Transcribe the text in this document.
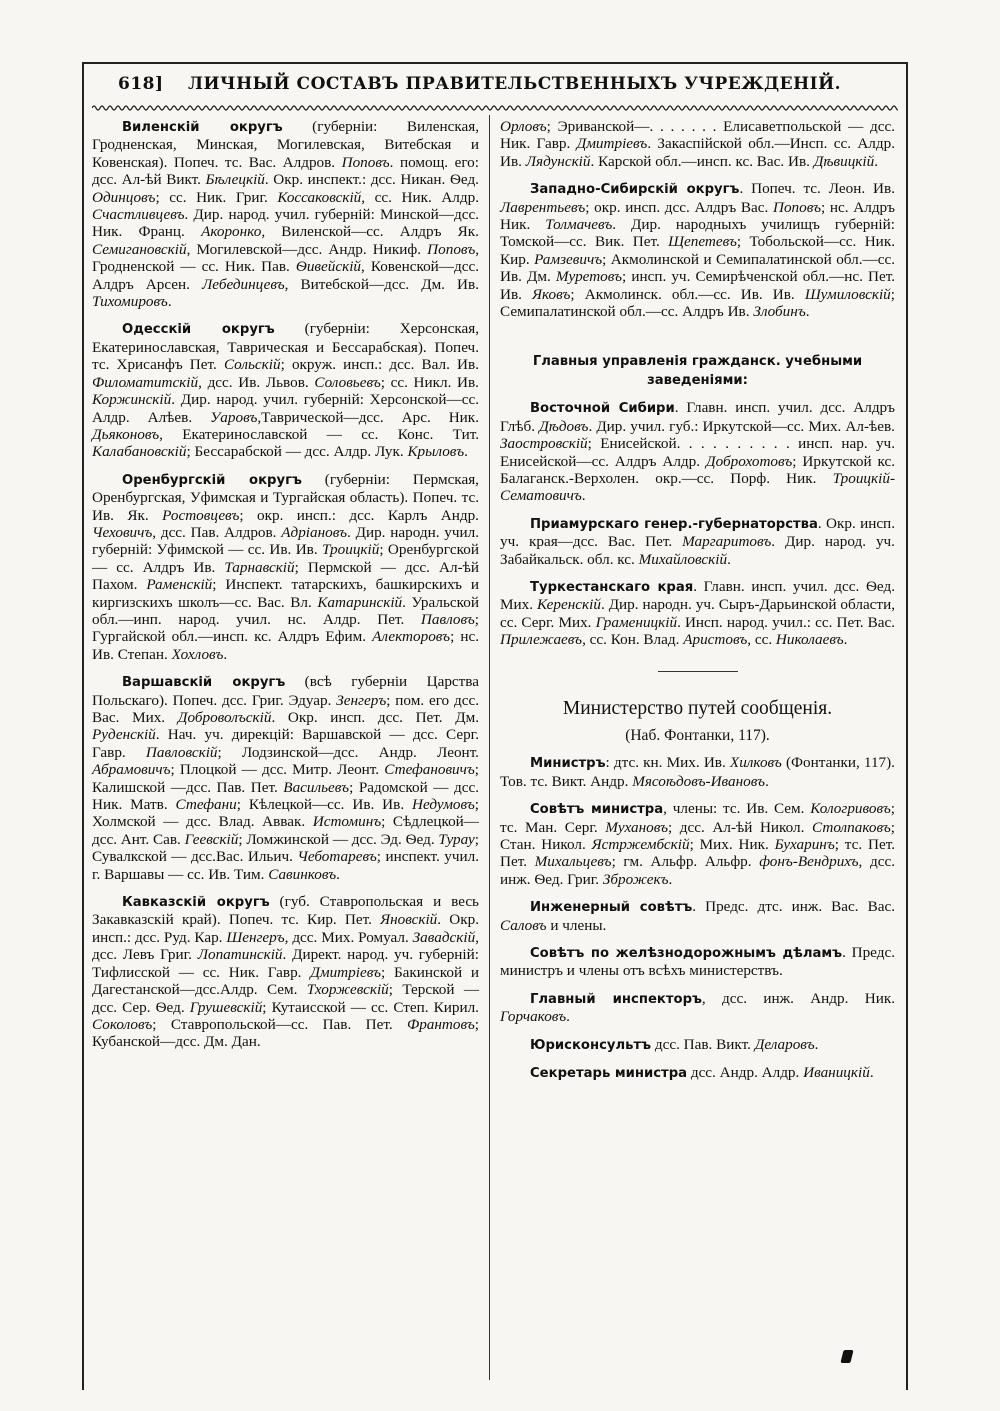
618] ЛИЧНЫЙ СОСТАВЪ ПРАВИТЕЛЬСТВЕННЫХЪ УЧРЕЖДЕНІЙ.

Виленскій округъ (губерніи: Виленская, Гродненская, Минская, Могилевская, Витебская и Ковенская). Попеч. тс. Вас. Алдров. Поповъ. помощ. его: дсс. Ал-ѣй Викт. Бѣлецкій. Окр. инспект.: дсс. Никан. Ѳед. Одинцовъ; сс. Ник. Григ. Коссаковскій, сс. Ник. Алдр. Счастливцевъ. Дир. народ. учил. губерній: Минской—дсс. Ник. Франц. Акоронко, Виленской—сс. Алдръ Як. Семигановскій, Могилевской—дсс. Андр. Никиф. Поповъ, Гродненской — сс. Ник. Пав. Ѳивейскій, Ковенской—дсс. Алдръ Арсен. Лебединцевъ, Витебской—дсс. Дм. Ив. Тихомировъ.

Одесскій округъ (губерніи: Херсонская, Екатеринославская, Таврическая и Бессарабская). Попеч. тс. Хрисанфъ Пет. Сольскій; окруж. инсп.: дсс. Вал. Ив. Филоматитскій, дсс. Ив. Львов. Соловьевъ; сс. Никл. Ив. Коржинскій. Дир. народ. учил. губерній: Херсонской—сс. Алдр. Алѣев. Уаровъ,Таврической—дсс. Арс. Ник. Дьяконовъ, Екатеринославской — сс. Конс. Тит. Калабановскій; Бессарабской — дсс. Алдр. Лук. Крыловъ.

Оренбургскій округъ (губерніи: Пермская, Оренбургская, Уфимская и Тургайская область). Попеч. тс. Ив. Як. Ростовцевъ; окр. инсп.: дсс. Карлъ Андр. Чеховичъ, дсс. Пав. Алдров. Адріановъ. Дир. народн. учил. губерній: Уфимской — сс. Ив. Ив. Троицкій; Оренбургской — сс. Алдръ Ив. Тарнавскій; Пермской — дсс. Ал-ѣй Пахом. Раменскій; Инспект. татарскихъ, башкирскихъ и киргизскихъ школъ—сс. Вас. Вл. Катаринскій. Уральской обл.—инп. народ. учил. нс. Алдр. Пет. Павловъ; Гургайской обл.—инсп. кс. Алдръ Ефим. Алекторовъ; нс. Ив. Степан. Хохловъ.

Варшавскій округъ (всѣ губерніи Царства Польскаго). Попеч. дсс. Григ. Эдуар. Зенгеръ; пом. его дсс. Вас. Мих. Доброволъскій. Окр. инсп. дсс. Пет. Дм. Руденскій. Нач. уч. дирекцій: Варшавской — дсс. Серг. Гавр. Павловскій; Лодзинской—дсс. Андр. Леонт. Абрамовичъ; Плоцкой — дсс. Митр. Леонт. Стефановичъ; Калишской —дсс. Пав. Пет. Васильевъ; Радомской — дсс. Ник. Матв. Стефани; Кѣлецкой—сс. Ив. Ив. Недумовъ; Холмской — дсс. Влад. Аввак. Истоминъ; Сѣдлецкой—дсс. Ант. Сав. Геевскій; Ломжинской — дсс. Эд. Ѳед. Турау; Сувалкской — дсс.Вас. Ильич. Чеботаревъ; инспект. учил. г. Варшавы — сс. Ив. Тим. Савинковъ.

Кавказскій округъ (губ. Ставропольская и весь Закавказскій край). Попеч. тс. Кир. Пет. Яновскій. Окр. инсп.: дсс. Руд. Кар. Шенгеръ, дсс. Мих. Ромуал. Завадскій, дсс. Левъ Григ. Лопатинскій. Директ. народ. уч. губерній: Тифлисской — сс. Ник. Гавр. Дмитріевъ; Бакинской и Дагестанской—дсс.Алдр. Сем. Тхоржевскій; Терской — дсс. Сер. Ѳед. Грушевскій; Кутаисской — сс. Степ. Кирил. Соколовъ; Ставропольской—сс. Пав. Пет. Франтовъ; Кубанской—дсс. Дм. Дан.

Орловъ; Эриванской—. . . . . . . Елисаветпольской — дсс. Ник. Гавр. Дмитріевъ. Закаспійской обл.—Инсп. сс. Алдр. Ив. Лядунскій. Карской обл.—инсп. кс. Вас. Ив. Дѣвицкій.

Западно-Сибирскій округъ. Попеч. тс. Леон. Ив. Лаврентьевъ; окр. инсп. дсс. Алдръ Вас. Поповъ; нс. Алдръ Ник. Толмачевъ. Дир. народныхъ училищъ губерній: Томской—сс. Вик. Пет. Щепетевъ; Тобольской—сс. Ник. Кир. Рамзевичъ; Акмолинской и Семипалатинской обл.—сс. Ив. Дм. Муретовъ; инсп. уч. Семирѣченской обл.—нс. Пет. Ив. Яковъ; Акмолинск. обл.—сс. Ив. Ив. Шумиловскій; Семипалатинской обл.—сс. Алдръ Ив. Злобинъ.

Главныя управленія гражданск. учебными заведеніями:

Восточной Сибири. Главн. инсп. учил. дсс. Алдръ Глѣб. Дѣдовъ. Дир. учил. губ.: Иркутской—сс. Мих. Ал-ѣев. Заостровскій; Енисейской. . . . . . . . . . инсп. нар. уч. Енисейской—сс. Алдръ Алдр. Доброхотовъ; Иркутской кс. Балаганск.-Верхолен. окр.—сс. Порф. Ник. Троицкій-Сематовичъ.

Приамурскаго генер.-губернаторства. Окр. инсп. уч. края—дсс. Вас. Пет. Маргаритовъ. Дир. народ. уч. Забайкальск. обл. кс. Михайловскій.

Туркестанскаго края. Главн. инсп. учил. дсс. Ѳед. Мих. Керенскій. Дир. народн. уч. Сыръ-Дарьинской области, сс. Серг. Мих. Граменицкій. Инсп. народ. учил.: сс. Пет. Вас. Прилежаевъ, сс. Кон. Влад. Аристовъ, сс. Николаевъ.

Министерство путей сообщенія.

(Наб. Фонтанки, 117).

Министръ: дтс. кн. Мих. Ив. Хилковъ (Фонтанки, 117). Тов. тс. Викт. Андр. Мясоѣдовъ-Ивановъ.

Совѣтъ министра, члены: тс. Ив. Сем. Кологривовъ; тс. Ман. Серг. Мухановъ; дсс. Ал-ѣй Никол. Столпаковъ; Стан. Никол. Ястржембскій; Мих. Ник. Бухаринъ; тс. Пет. Пет. Михальцевъ; гм. Альфр. Альфр. фонъ-Вендрихъ, дсс. инж. Ѳед. Григ. Зброжекъ.

Инженерный совѣтъ. Предс. дтс. инж. Вас. Вас. Саловъ и члены.

Совѣтъ по желѣзнодорожнымъ дѣламъ. Предс. министръ и члены отъ всѣхъ министерствъ.

Главный инспекторъ, дсс. инж. Андр. Ник. Горчаковъ.

Юрисконсультъ дсс. Пав. Викт. Деларовъ.

Секретарь министра дсс. Андр. Алдр. Иваницкій.
